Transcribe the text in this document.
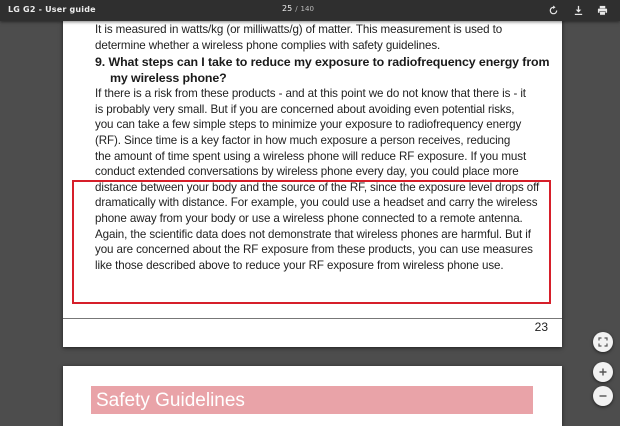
LG G2 - User guide	25 / 140

It is measured in watts/kg (or milliwatts/g) of matter. This measurement is used to

determine whether a wireless phone complies with safety guidelines.

9. What steps can I take to reduce my exposure to radiofrequency energy from
my wireless phone?

If there is a risk from these products - and at this point we do not know that there is - it

is probably very small. But if you are concerned about avoiding even potential risks,

you can take a few simple steps to minimize your exposure to radiofrequency energy

(RF). Since time is a key factor in how much exposure a person receives, reducing

the amount of time spent using a wireless phone will reduce RF exposure. If you must

conduct extended conversations by wireless phone every day, you could place more

distance between your body and the source of the RF, since the exposure level drops off

dramatically with distance. For example, you could use a headset and carry the wireless

phone away from your body or use a wireless phone connected to a remote antenna.

Again, the scientific data does not demonstrate that wireless phones are harmful. But if

you are concerned about the RF exposure from these products, you can use measures

like those described above to reduce your RF exposure from wireless phone use.

23
Safety Guidelines
